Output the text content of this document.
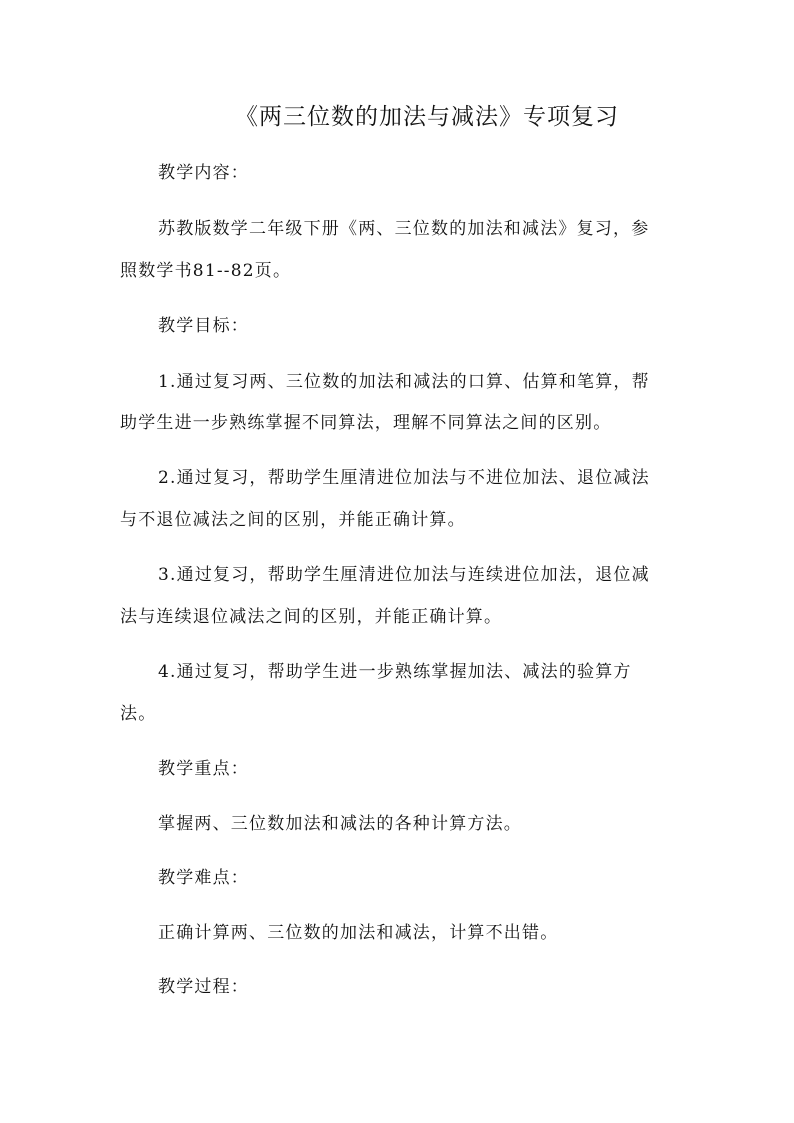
《两三位数的加法与减法》专项复习
教学内容：
苏教版数学二年级下册《两、三位数的加法和减法》复习，参
照数学书81--82页。
教学目标：
1.通过复习两、三位数的加法和减法的口算、估算和笔算，帮
助学生进一步熟练掌握不同算法，理解不同算法之间的区别。
2.通过复习，帮助学生厘清进位加法与不进位加法、退位减法
与不退位减法之间的区别，并能正确计算。
3.通过复习，帮助学生厘清进位加法与连续进位加法，退位减
法与连续退位减法之间的区别，并能正确计算。
4.通过复习，帮助学生进一步熟练掌握加法、减法的验算方
法。
教学重点：
掌握两、三位数加法和减法的各种计算方法。
教学难点：
正确计算两、三位数的加法和减法，计算不出错。
教学过程：
